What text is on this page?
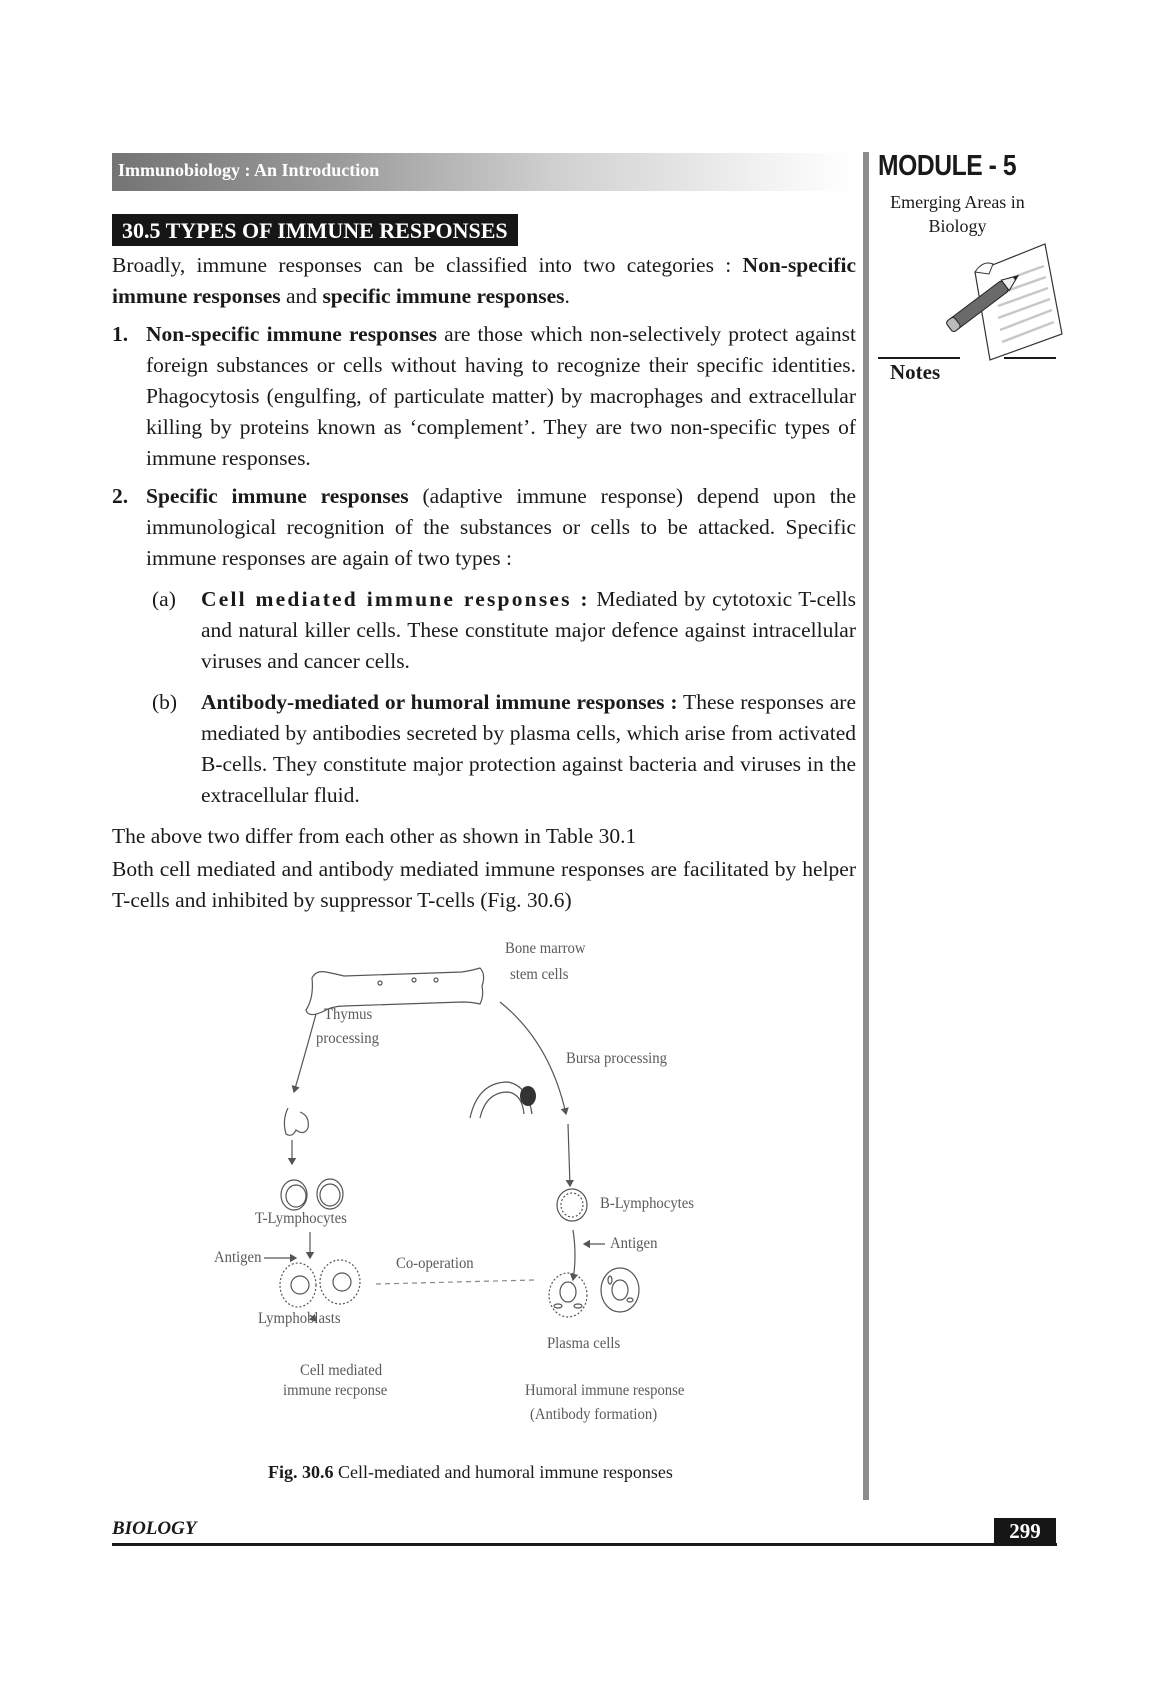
Immunobiology : An Introduction	MODULE - 5
Emerging Areas in
Biology
Notes
30.5 TYPES OF IMMUNE RESPONSES

Broadly, immune responses can be classified into two categories : Non-specific immune responses and specific immune responses.

1. Non-specific immune responses are those which non-selectively protect against foreign substances or cells without having to recognize their specific identities. Phagocytosis (engulfing, of particulate matter) by macrophages and extracellular killing by proteins known as ‘complement’. They are two non-specific types of immune responses.
2. Specific immune responses (adaptive immune response) depend upon the immunological recognition of the substances or cells to be attacked. Specific immune responses are again of two types :
(a) Cell mediated immune responses : Mediated by cytotoxic T-cells and natural killer cells. These constitute major defence against intracellular viruses and cancer cells.
(b) Antibody-mediated or humoral immune responses : These responses are mediated by antibodies secreted by plasma cells, which arise from activated B-cells. They constitute major protection against bacteria and viruses in the extracellular fluid.

The above two differ from each other as shown in Table 30.1

Both cell mediated and antibody mediated immune responses are facilitated by helper T-cells and inhibited by suppressor T-cells (Fig. 30.6)

Bone marrow
stem cells
Thymus
processing
Bursa processing
T-Lymphocytes
B-Lymphocytes
Antigen
Antigen
Co-operation
Lymphoblasts
Plasma cells
Cell mediated
immune recponse	Humoral immune response
(Antibody formation)
Fig. 30.6 Cell-mediated and humoral immune responses
BIOLOGY	299
